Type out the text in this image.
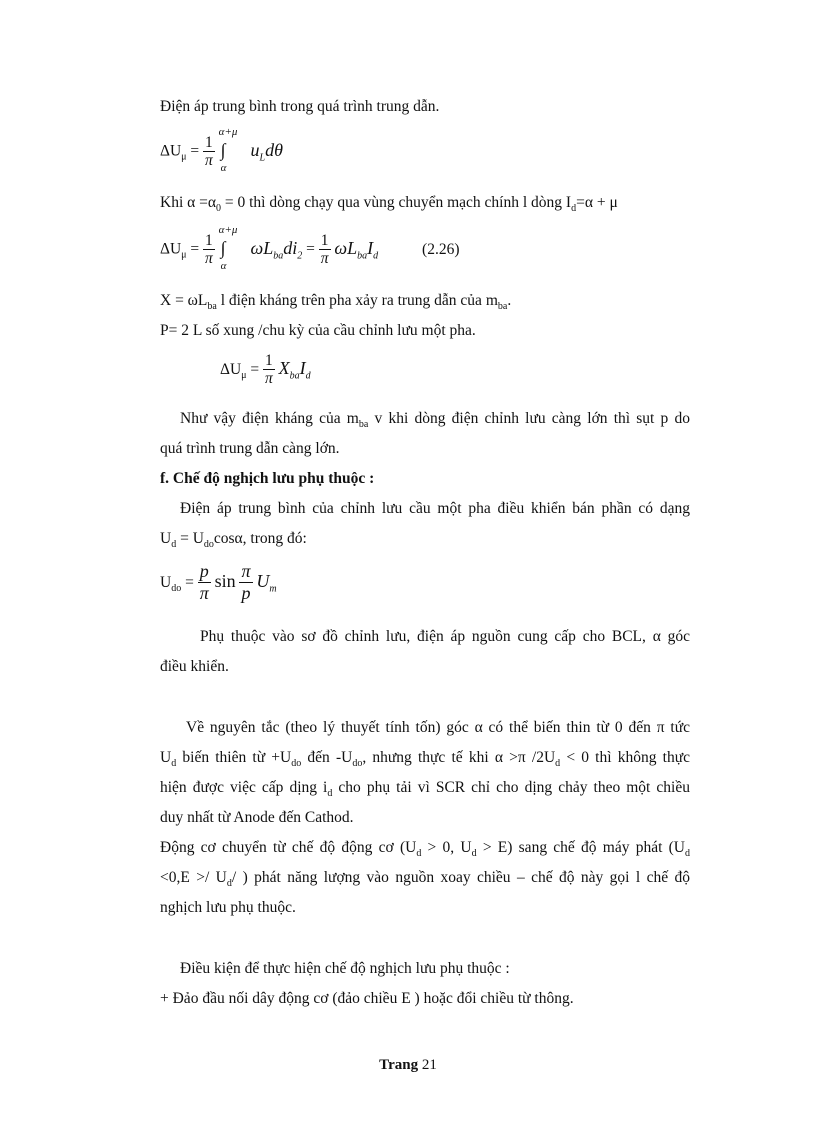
Điện áp trung bình trong quá trình trung dẫn.
$\Delta U_\mu = \frac{1}{\pi}$

α+μ
∫
α
$u_Ld\theta$
Khi $\alpha =\alpha_0 = 0$ thì dòng chạy qua vùng chuyển mạch chính l dòng $I_d=\alpha + \mu$
$\Delta U_\mu = \frac{1}{\pi}$

α+μ
∫
α
$\omega L_{ba}di_2 = \frac{1}{\pi} \omega L_{ba}I_d$	(2.26)
$X = \omega L_{ba}$ l điện kháng trên pha xảy ra trung dẫn của $m_{ba}$.
P= 2 L số xung /chu kỳ của cầu chỉnh lưu một pha.
$\Delta U_\mu = \frac{1}{\pi} X_{ba}I_d$
Như vậy điện kháng của $m_{ba}$ v khi dòng điện chỉnh lưu càng lớn thì sụt p do
quá trình trung dẫn càng lớn.
f. Chế độ nghịch lưu phụ thuộc :
Điện áp trung bình của chỉnh lưu cầu một pha điều khiển bán phần có dạng
$U_d = U_{do}\cos\alpha$, trong đó:
$U_{do} = \frac{p}{\pi}$ $\sin \frac{\pi}{p} U_m$
Phụ thuộc vào sơ đồ chỉnh lưu, điện áp nguồn cung cấp cho BCL, α góc
điều khiển.
Về nguyên tắc (theo lý thuyết tính tốn) góc α có thể biến thin từ 0 đến π tức
$U_d$ biến thiên từ $+U_{do}$ đến $-U_{do}$, nhưng thực tế khi α >π $/2U_d < 0$ thì không thực
hiện được việc cấp dịng $i_d$ cho phụ tải vì SCR chỉ cho dịng chảy theo một chiều
duy nhất từ Anode đến Cathod.
Động cơ chuyển từ chế độ động cơ ($U_d > 0$, $U_d > E$) sang chế độ máy phát ($U_d$
$<0,E >/ U_d/$ ) phát năng lượng vào nguồn xoay chiều – chế độ này gọi l chế độ
nghịch lưu phụ thuộc.
Điều kiện để thực hiện chế độ nghịch lưu phụ thuộc :
+ Đảo đầu nối dây động cơ (đảo chiều E ) hoặc đổi chiều từ thông.
Trang 21
